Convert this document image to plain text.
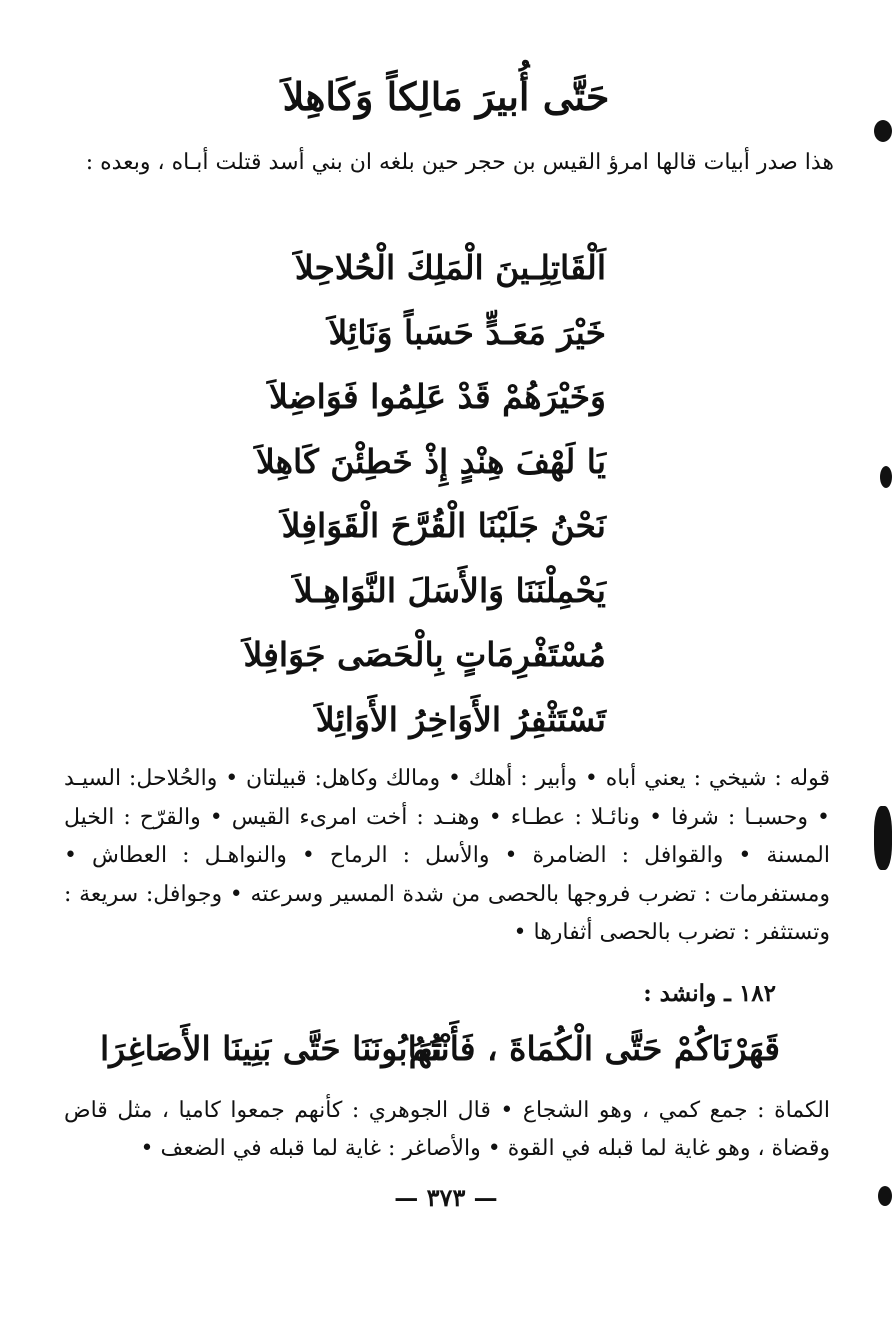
حَتَّى أُبيرَ مَالِكاً وَكَاهِلاَ
هذا صدر أبيات قالها امرؤ القيس بن حجر حين بلغه ان بني أسد قتلت أبـاه ، وبعده :
اَلْقَاتِلِـينَ الْمَلِكَ الْحُلاحِلاَ
خَيْرَ مَعَـدٍّ حَسَباً وَنَائِلاَ
وَخَيْرَهُمْ قَدْ عَلِمُوا فَوَاضِلاَ
يَا لَهْفَ هِنْدٍ إِذْ خَطِئْنَ كَاهِلاَ
نَحْنُ جَلَبْنَا الْقُرَّحَ الْقَوَافِلاَ
يَحْمِلْنَنَا وَالأَسَلَ النَّوَاهِـلاَ
مُسْتَفْرِمَاتٍ بِالْحَصَى جَوَافِلاَ
تَسْتَثْفِرُ الأَوَاخِرُ الأَوَائِلاَ
قوله : شيخي : يعني أباه • وأبير : أهلك • ومالك وكاهل: قبيلتان • والحُلاحل: السيـد • وحسبـا : شرفا • ونائـلا : عطـاء • وهنـد : أخت امرىء القيس • والقرّح : الخيل المسنة • والقوافل : الضامرة • والأسل : الرماح • والنواهـل : العطاش • ومستفرمات : تضرب فروجها بالحصى من شدة المسير وسرعته • وجوافل: سريعة : وتستثفر : تضرب بالحصى أثفارها •
١٨٢ ـ وانشد :
قَهَرْنَاكُمْ حَتَّى الْكُمَاةَ ، فَأَنْتُمُ
تَهَابُونَنَا حَتَّى بَنِينَا الأَصَاغِرَا
الكماة : جمع كمي ، وهو الشجاع • قال الجوهري : كأنهم جمعوا كاميا ، مثل قاض وقضاة ، وهو غاية لما قبله في القوة • والأصاغر : غاية لما قبله في الضعف •
— ٣٧٣ —
